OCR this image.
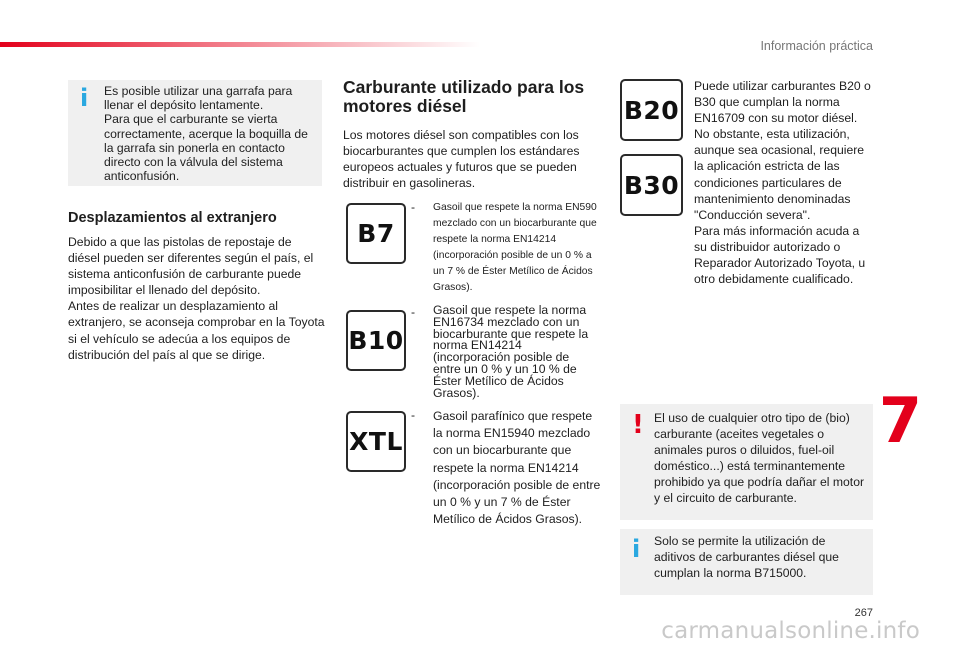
Información práctica
i Es posible utilizar una garrafa para llenar el depósito lentamente.
Para que el carburante se vierta correctamente, acerque la boquilla de la garrafa sin ponerla en contacto directo con la válvula del sistema anticonfusión.
Desplazamientos al extranjero
Debido a que las pistolas de repostaje de diésel pueden ser diferentes según el país, el sistema anticonfusión de carburante puede imposibilitar el llenado del depósito.
Antes de realizar un desplazamiento al extranjero, se aconseja comprobar en la Toyota si el vehículo se adecúa a los equipos de distribución del país al que se dirige.
Carburante utilizado para los motores diésel
Los motores diésel son compatibles con los biocarburantes que cumplen los estándares europeos actuales y futuros que se pueden distribuir en gasolineras.
B7
-	Gasoil que respete la norma EN590 mezclado con un biocarburante que respete la norma EN14214 (incorporación posible de un 0 % a un 7 % de Éster Metílico de Ácidos Grasos).
B10
-	Gasoil que respete la norma EN16734 mezclado con un biocarburante que respete la norma EN14214 (incorporación posible de entre un 0 % y un 10 % de Éster Metílico de Ácidos Grasos).
XTL
-	Gasoil parafínico que respete la norma EN15940 mezclado con un biocarburante que respete la norma EN14214 (incorporación posible de entre un 0 % y un 7 % de Éster Metílico de Ácidos Grasos).
B20
B30
Puede utilizar carburantes B20 o B30 que cumplan la norma EN16709 con su motor diésel. No obstante, esta utilización, aunque sea ocasional, requiere la aplicación estricta de las condiciones particulares de mantenimiento denominadas "Conducción severa".
Para más información acuda a su distribuidor autorizado o Reparador Autorizado Toyota, u otro debidamente cualificado.
7
! El uso de cualquier otro tipo de (bio) carburante (aceites vegetales o animales puros o diluidos, fuel-oil doméstico...) está terminantemente prohibido ya que podría dañar el motor y el circuito de carburante.
i Solo se permite la utilización de aditivos de carburantes diésel que cumplan la norma B715000.
267
carmanualsonline.info
